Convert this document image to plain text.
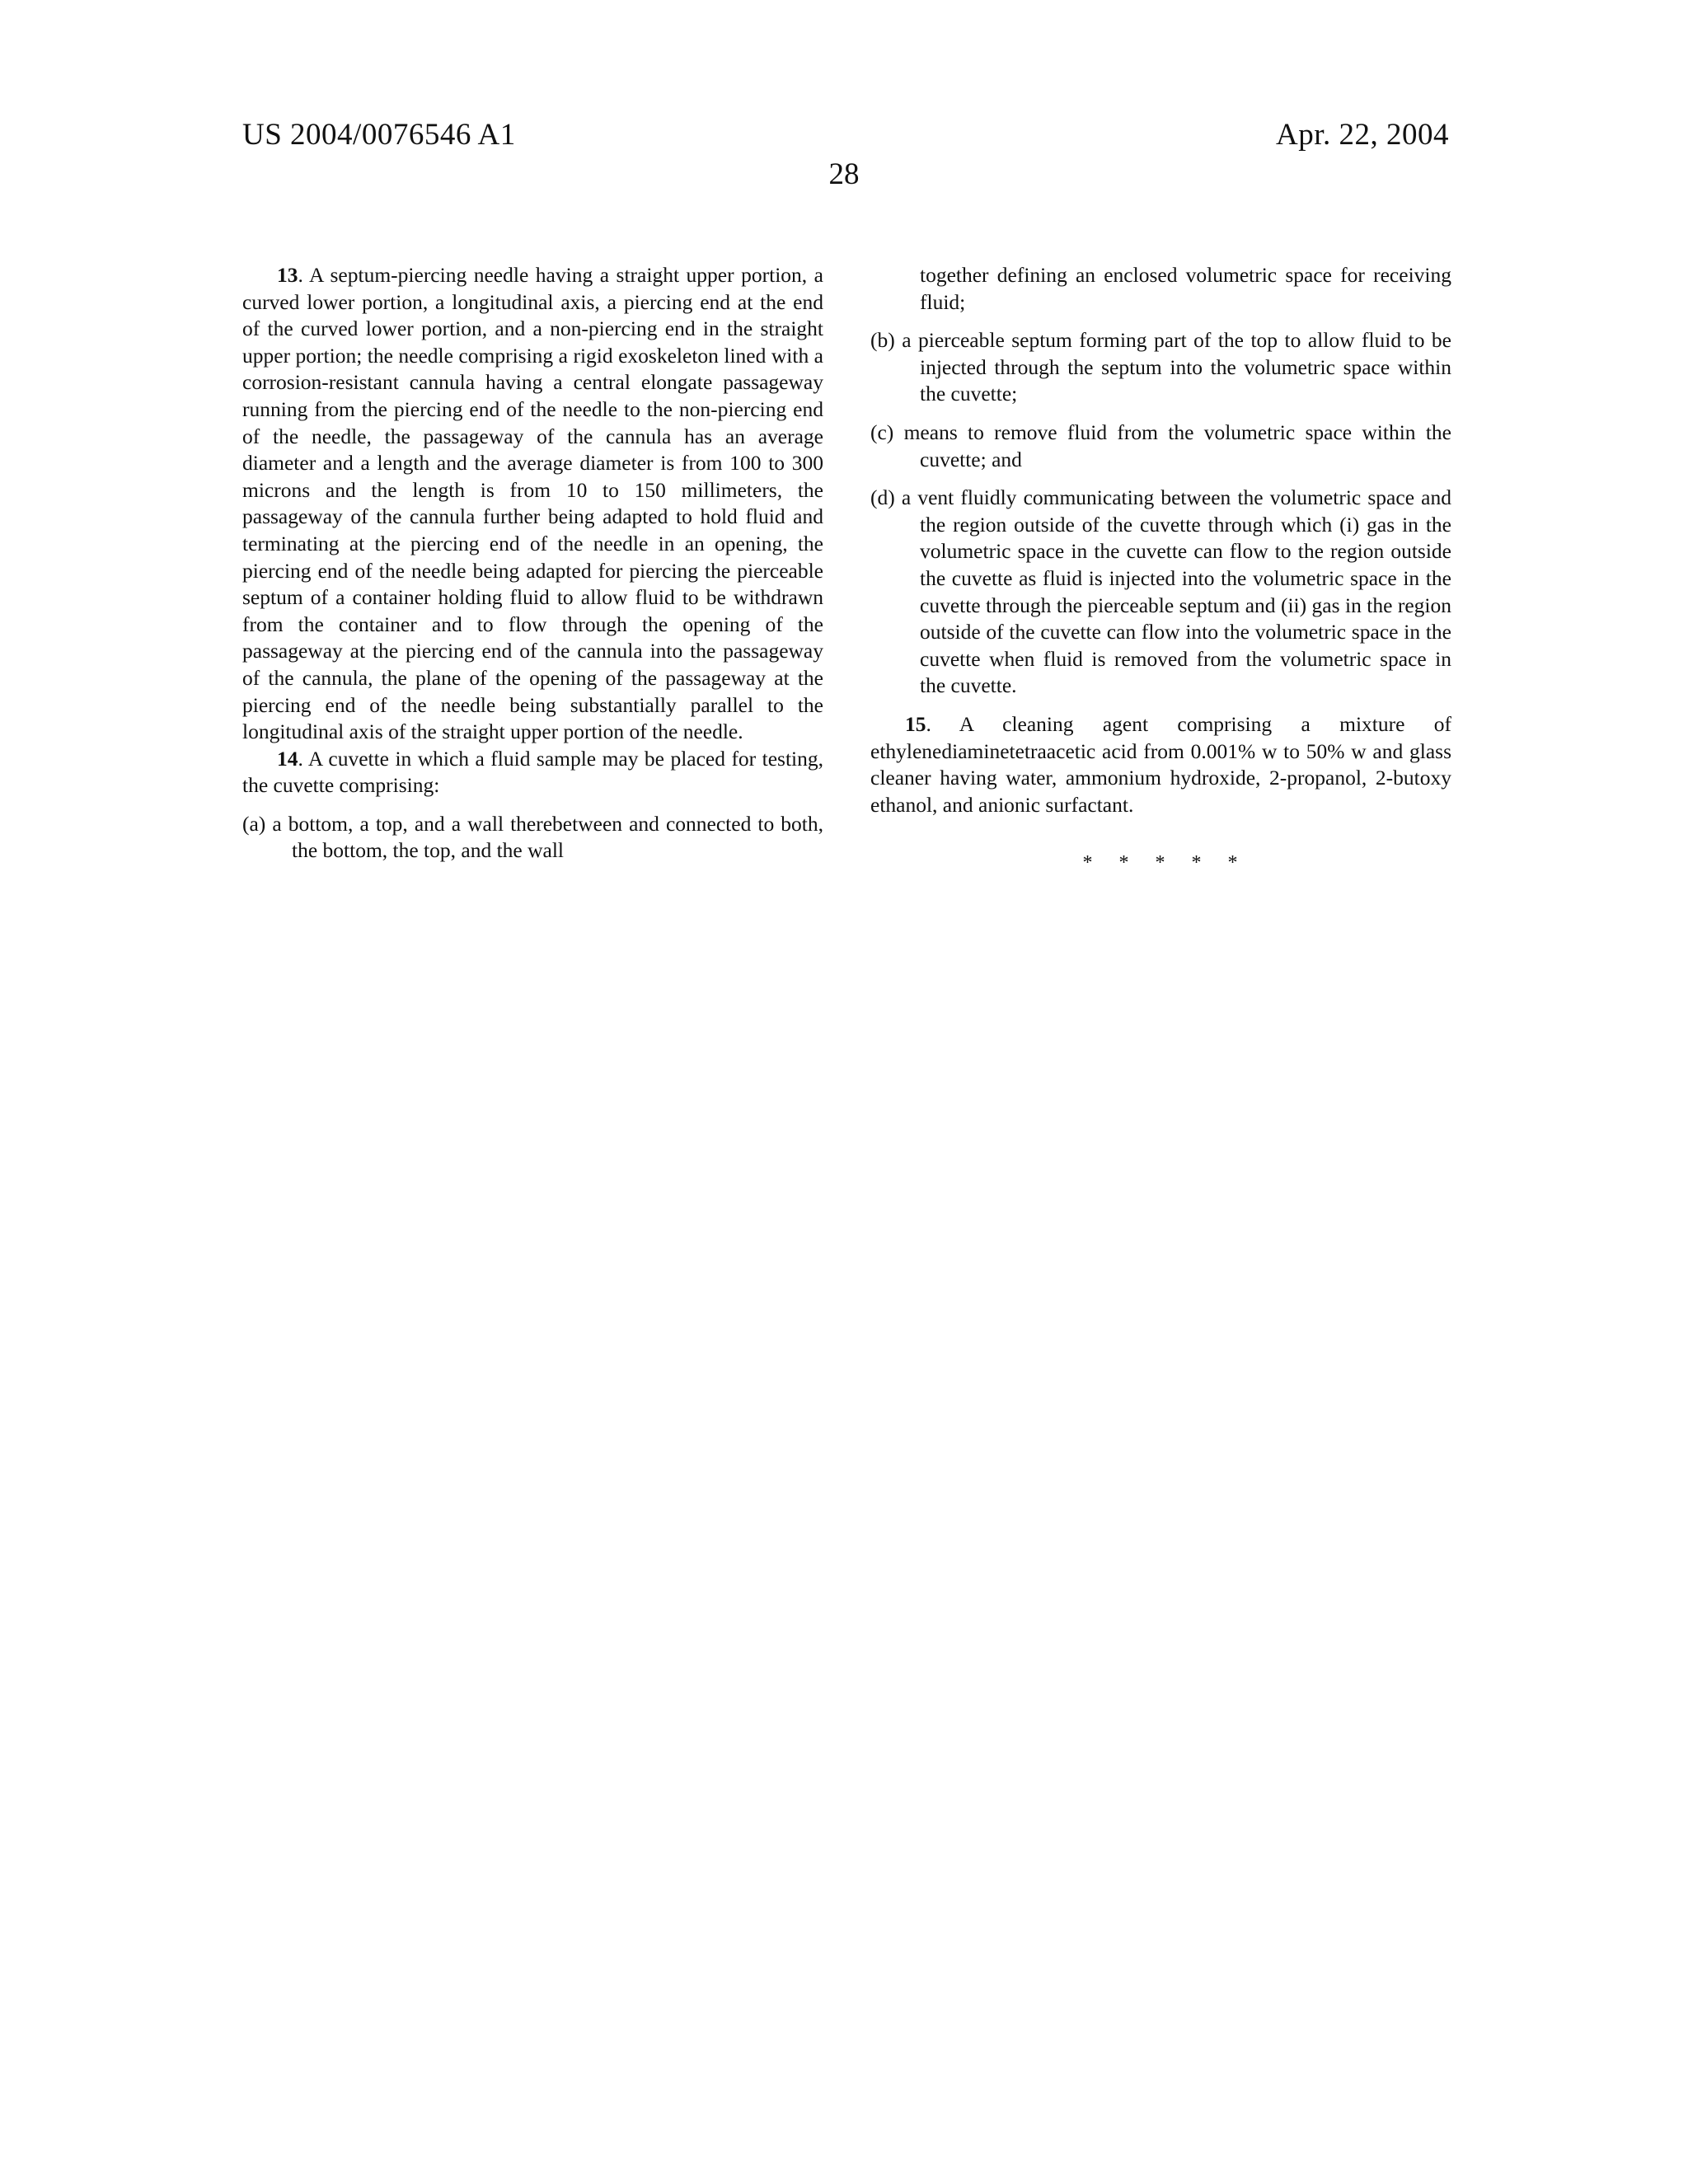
US 2004/0076546 A1	Apr. 22, 2004
28

13. A septum-piercing needle having a straight upper portion, a curved lower portion, a longitudinal axis, a piercing end at the end of the curved lower portion, and a non-piercing end in the straight upper portion; the needle comprising a rigid exoskeleton lined with a corrosion-resistant cannula having a central elongate passageway running from the piercing end of the needle to the non-piercing end of the needle, the passageway of the cannula has an average diameter and a length and the average diameter is from 100 to 300 microns and the length is from 10 to 150 millimeters, the passageway of the cannula further being adapted to hold fluid and terminating at the piercing end of the needle in an opening, the piercing end of the needle being adapted for piercing the pierceable septum of a container holding fluid to allow fluid to be withdrawn from the container and to flow through the opening of the passageway at the piercing end of the cannula into the passageway of the cannula, the plane of the opening of the passageway at the piercing end of the needle being substantially parallel to the longitudinal axis of the straight upper portion of the needle.

14. A cuvette in which a fluid sample may be placed for testing, the cuvette comprising:

(a) a bottom, a top, and a wall therebetween and connected to both, the bottom, the top, and the wall

together defining an enclosed volumetric space for receiving fluid;

(b) a pierceable septum forming part of the top to allow fluid to be injected through the septum into the volumetric space within the cuvette;

(c) means to remove fluid from the volumetric space within the cuvette; and

(d) a vent fluidly communicating between the volumetric space and the region outside of the cuvette through which (i) gas in the volumetric space in the cuvette can flow to the region outside the cuvette as fluid is injected into the volumetric space in the cuvette through the pierceable septum and (ii) gas in the region outside of the cuvette can flow into the volumetric space in the cuvette when fluid is removed from the volumetric space in the cuvette.

15. A cleaning agent comprising a mixture of ethylenediaminetetraacetic acid from 0.001% w to 50% w and glass cleaner having water, ammonium hydroxide, 2-propanol, 2-butoxy ethanol, and anionic surfactant.

* * * * *
